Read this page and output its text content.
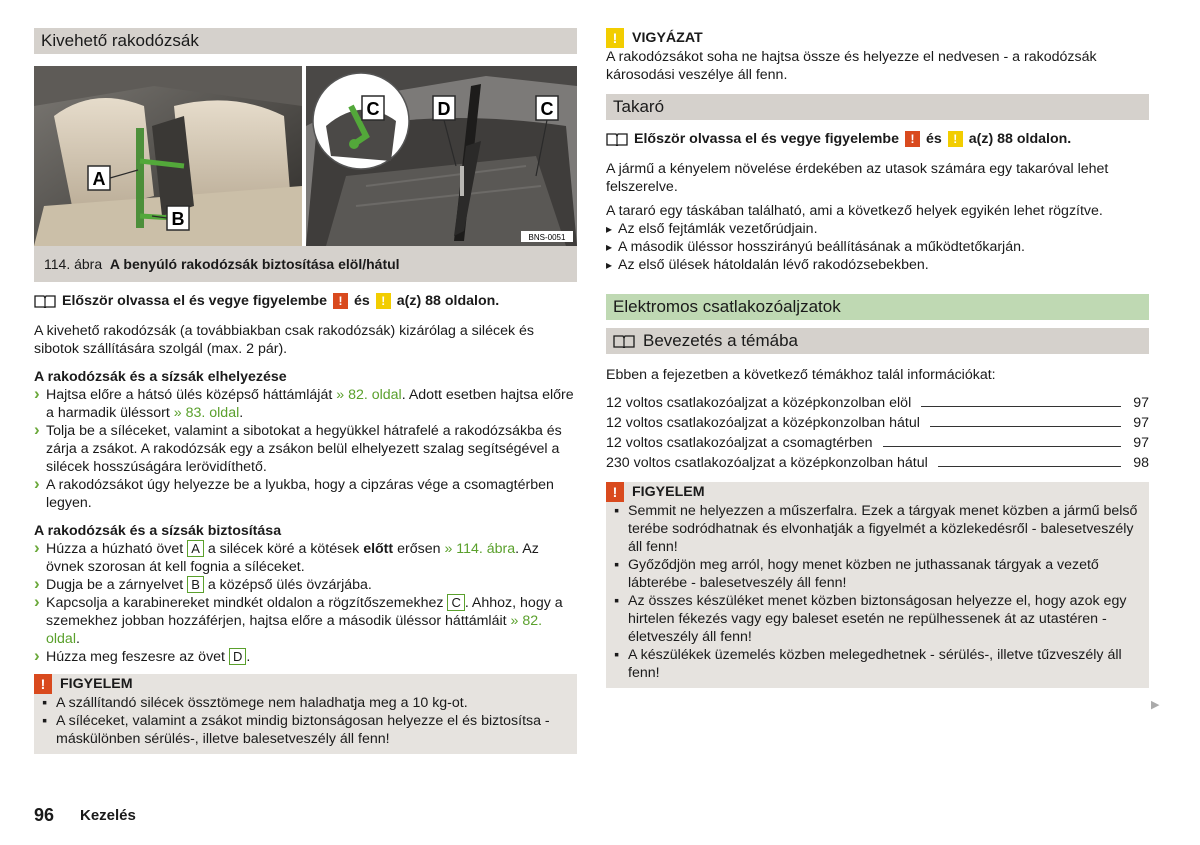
Kivehető rakodózsák
A
B
C	D	C
BNS-0051
114. ábra A benyúló rakodózsák biztosítása elöl/hátul
Először olvassa el és vegye figyelembe ! és ! a(z) 88 oldalon.

A kivehető rakodózsák (a továbbiakban csak rakodózsák) kizárólag a silécek és sibotok szállítására szolgál (max. 2 pár).

A rakodózsák és a sízsák elhelyezése

› Hajtsa előre a hátsó ülés középső háttámláját » 82. oldal. Adott esetben hajtsa előre a harmadik üléssort » 83. oldal.

› Tolja be a síléceket, valamint a sibotokat a hegyükkel hátrafelé a rakodózsákba és zárja a zsákot. A rakodózsák egy a zsákon belül elhelyezett szalag segítségével a silécek hosszúságára lerövidíthető.

› A rakodózsákot úgy helyezze be a lyukba, hogy a cipzáras vége a csomagtérben legyen.

A rakodózsák és a sízsák biztosítása

› Húzza a húzható övet A a silécek köré a kötések előtt erősen » 114. ábra. Az övnek szorosan át kell fognia a síléceket.

› Dugja be a zárnyelvet B a középső ülés övzárjába.

› Kapcsolja a karabinereket mindkét oldalon a rögzítőszemekhez C . Ahhoz, hogy a szemekhez jobban hozzáférjen, hajtsa előre a második üléssor háttámláit » 82. oldal.

› Húzza meg feszesre az övet D .

!	FIGYELEM

▪ A szállítandó silécek össztömege nem haladhatja meg a 10 kg-ot.

▪ A síléceket, valamint a zsákot mindig biztonságosan helyezze el és biztosítsa - máskülönben sérülés-, illetve balesetveszély áll fenn!

!	VIGYÁZAT

A rakodózsákot soha ne hajtsa össze és helyezze el nedvesen - a rakodózsák károsodási veszélye áll fenn.

Takaró
Először olvassa el és vegye figyelembe ! és ! a(z) 88 oldalon.

A jármű a kényelem növelése érdekében az utasok számára egy takaróval lehet felszerelve.

A tararó egy táskában található, ami a következő helyek egyikén lehet rögzítve.

▸ Az első fejtámlák vezetőrúdjain.

▸ A második üléssor hosszirányú beállításának a működtetőkarján.

▸ Az első ülések hátoldalán lévő rakodózsebekben.

Elektromos csatlakozóaljzatok
Bevezetés a témába

Ebben a fejezetben a következő témákhoz talál információkat:

12 voltos csatlakozóaljzat a középkonzolban elöl	97
12 voltos csatlakozóaljzat a középkonzolban hátul	97
12 voltos csatlakozóaljzat a csomagtérben	97
230 voltos csatlakozóaljzat a középkonzolban hátul	98
!	FIGYELEM

▪ Semmit ne helyezzen a műszerfalra. Ezek a tárgyak menet közben a jármű belső terébe sodródhatnak és elvonhatják a figyelmét a közlekedésről - balesetveszély áll fenn!

▪ Győződjön meg arról, hogy menet közben ne juthassanak tárgyak a vezető lábterébe - balesetveszély áll fenn!

▪ Az összes készüléket menet közben biztonságosan helyezze el, hogy azok egy hirtelen fékezés vagy egy baleset esetén ne repülhessenek át az utastéren - életveszély áll fenn!

▪ A készülékek üzemelés közben melegedhetnek - sérülés-, illetve tűzveszély áll fenn!

▶
96 Kezelés
